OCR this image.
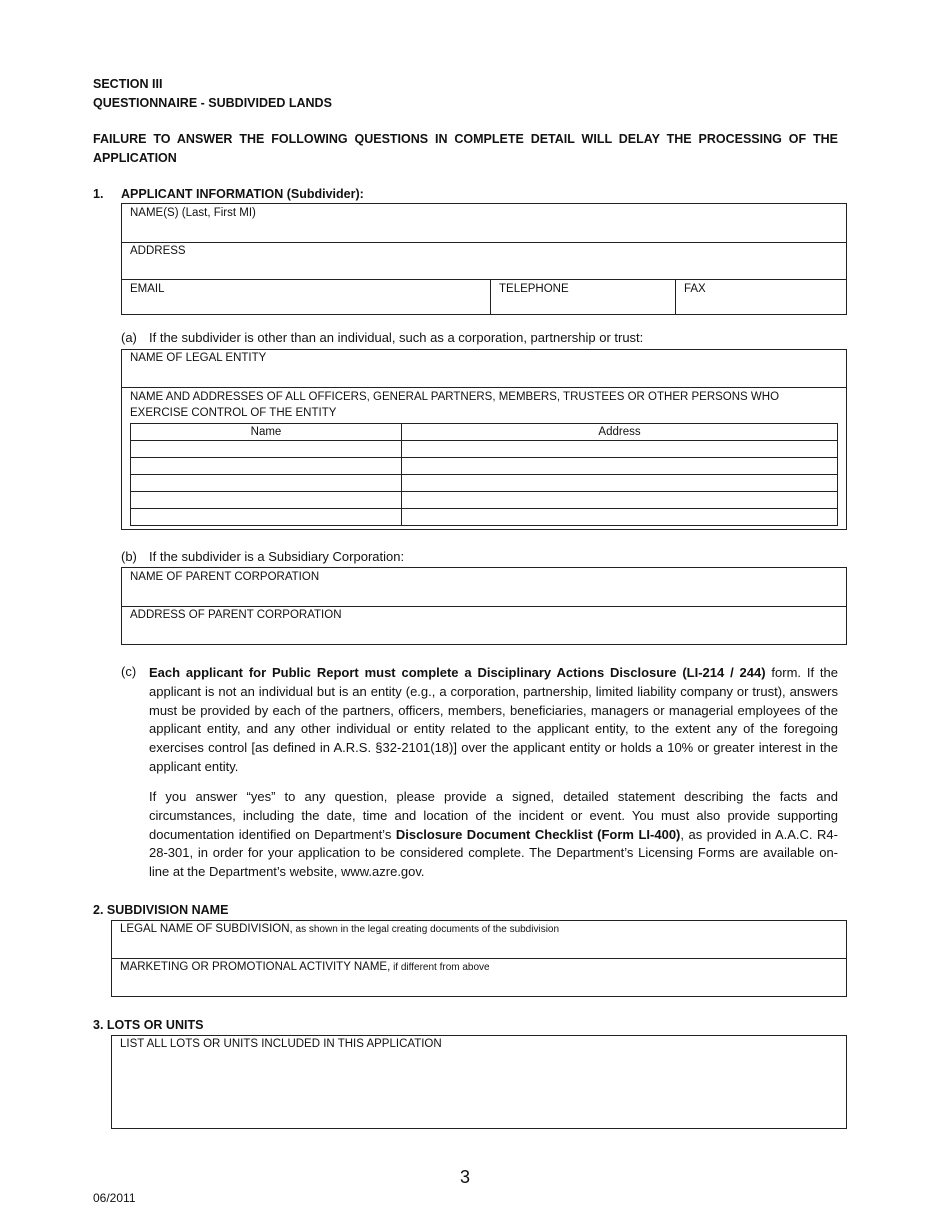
SECTION III
QUESTIONNAIRE - SUBDIVIDED LANDS
FAILURE TO ANSWER THE FOLLOWING QUESTIONS IN COMPLETE DETAIL WILL DELAY THE PROCESSING OF THE APPLICATION
1. APPLICANT INFORMATION (Subdivider):
NAME(S) (Last, First MI)
ADDRESS
EMAIL	TELEPHONE	FAX
(a) If the subdivider is other than an individual, such as a corporation, partnership or trust:
NAME OF LEGAL ENTITY
NAME AND ADDRESSES OF ALL OFFICERS, GENERAL PARTNERS, MEMBERS, TRUSTEES OR OTHER PERSONS WHO EXERCISE CONTROL OF THE ENTITY
Name	Address

(b) If the subdivider is a Subsidiary Corporation:
NAME OF PARENT CORPORATION
ADDRESS OF PARENT CORPORATION
(c) Each applicant for Public Report must complete a Disciplinary Actions Disclosure (LI-214 / 244) form. If the applicant is not an individual but is an entity (e.g., a corporation, partnership, limited liability company or trust), answers must be provided by each of the partners, officers, members, beneficiaries, managers or managerial employees of the applicant entity, and any other individual or entity related to the applicant entity, to the extent any of the foregoing exercises control [as defined in A.R.S. §32-2101(18)] over the applicant entity or holds a 10% or greater interest in the applicant entity.
If you answer “yes” to any question, please provide a signed, detailed statement describing the facts and circumstances, including the date, time and location of the incident or event. You must also provide supporting documentation identified on Department’s Disclosure Document Checklist (Form LI-400), as provided in A.A.C. R4-28-301, in order for your application to be considered complete. The Department’s Licensing Forms are available on-line at the Department’s website, www.azre.gov.
2. SUBDIVISION NAME
LEGAL NAME OF SUBDIVISION, as shown in the legal creating documents of the subdivision
MARKETING OR PROMOTIONAL ACTIVITY NAME, if different from above
3. LOTS OR UNITS
LIST ALL LOTS OR UNITS INCLUDED IN THIS APPLICATION
3
06/2011
